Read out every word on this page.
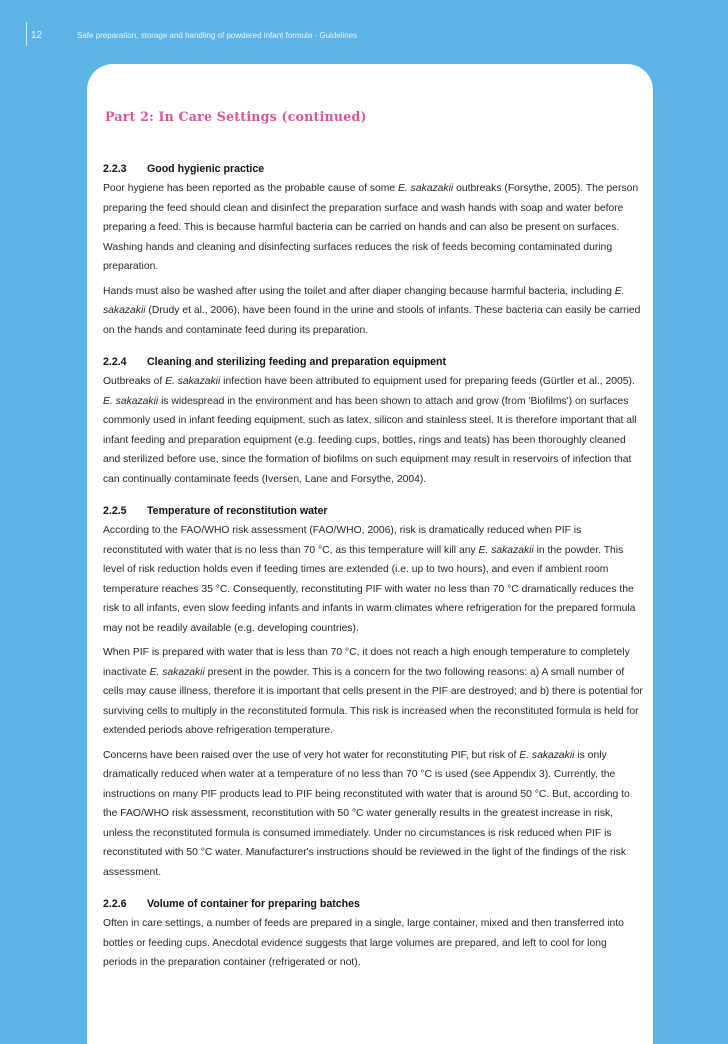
12	Safe preparation, storage and handling of powdered infant formula - Guidelines
Part 2: In Care Settings (continued)
2.2.3 Good hygienic practice

Poor hygiene has been reported as the probable cause of some E. sakazakii outbreaks (Forsythe, 2005). The person preparing the feed should clean and disinfect the preparation surface and wash hands with soap and water before preparing a feed. This is because harmful bacteria can be carried on hands and can also be present on surfaces. Washing hands and cleaning and disinfecting surfaces reduces the risk of feeds becoming contaminated during preparation.

Hands must also be washed after using the toilet and after diaper changing because harmful bacteria, including E. sakazakii (Drudy et al., 2006), have been found in the urine and stools of infants. These bacteria can easily be carried on the hands and contaminate feed during its preparation.

2.2.4 Cleaning and sterilizing feeding and preparation equipment

Outbreaks of E. sakazakii infection have been attributed to equipment used for preparing feeds (Gürtler et al., 2005). E. sakazakii is widespread in the environment and has been shown to attach and grow (from 'Biofilms') on surfaces commonly used in infant feeding equipment, such as latex, silicon and stainless steel. It is therefore important that all infant feeding and preparation equipment (e.g. feeding cups, bottles, rings and teats) has been thoroughly cleaned and sterilized before use, since the formation of biofilms on such equipment may result in reservoirs of infection that can continually contaminate feeds (Iversen, Lane and Forsythe, 2004).

2.2.5 Temperature of reconstitution water

According to the FAO/WHO risk assessment (FAO/WHO, 2006), risk is dramatically reduced when PIF is reconstituted with water that is no less than 70 °C, as this temperature will kill any E. sakazakii in the powder. This level of risk reduction holds even if feeding times are extended (i.e. up to two hours), and even if ambient room temperature reaches 35 °C. Consequently, reconstituting PIF with water no less than 70 °C dramatically reduces the risk to all infants, even slow feeding infants and infants in warm climates where refrigeration for the prepared formula may not be readily available (e.g. developing countries).

When PIF is prepared with water that is less than 70 °C, it does not reach a high enough temperature to completely inactivate E. sakazakii present in the powder. This is a concern for the two following reasons: a) A small number of cells may cause illness, therefore it is important that cells present in the PIF are destroyed; and b) there is potential for surviving cells to multiply in the reconstituted formula. This risk is increased when the reconstituted formula is held for extended periods above refrigeration temperature.

Concerns have been raised over the use of very hot water for reconstituting PIF, but risk of E. sakazakii is only dramatically reduced when water at a temperature of no less than 70 °C is used (see Appendix 3). Currently, the instructions on many PIF products lead to PIF being reconstituted with water that is around 50 °C. But, according to the FAO/WHO risk assessment, reconstitution with 50 °C water generally results in the greatest increase in risk, unless the reconstituted formula is consumed immediately. Under no circumstances is risk reduced when PIF is reconstituted with 50 °C water. Manufacturer's instructions should be reviewed in the light of the findings of the risk assessment.

2.2.6 Volume of container for preparing batches

Often in care settings, a number of feeds are prepared in a single, large container, mixed and then transferred into bottles or feeding cups. Anecdotal evidence suggests that large volumes are prepared, and left to cool for long periods in the preparation container (refrigerated or not).
